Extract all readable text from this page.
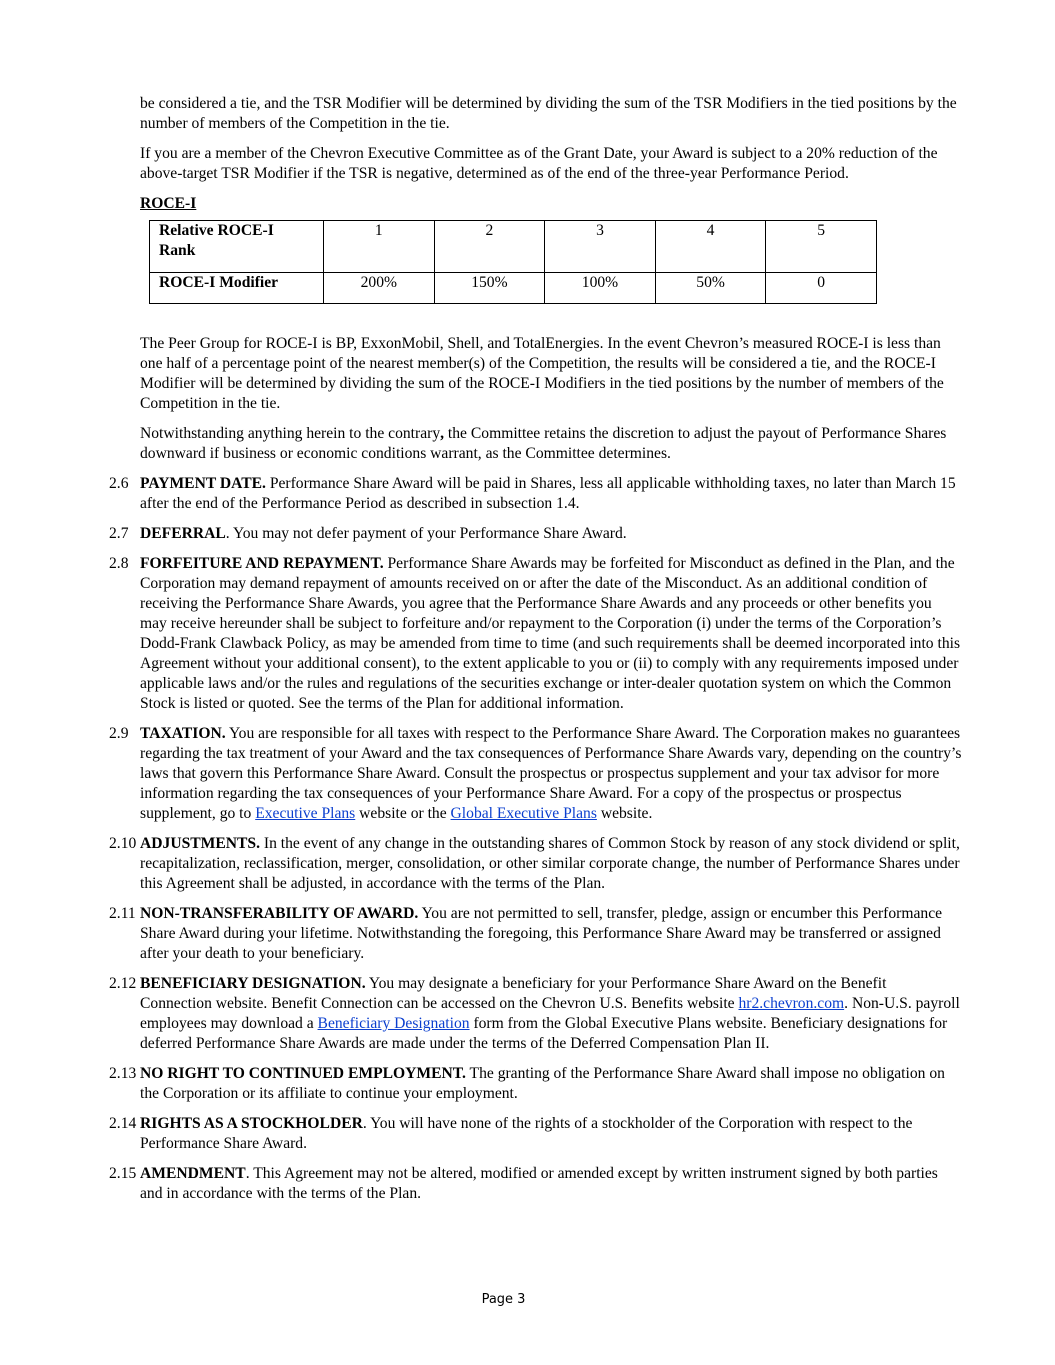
be considered a tie, and the TSR Modifier will be determined by dividing the sum of the TSR Modifiers in the tied positions by the number of members of the Competition in the tie.

If you are a member of the Chevron Executive Committee as of the Grant Date, your Award is subject to a 20% reduction of the above-target TSR Modifier if the TSR is negative, determined as of the end of the three-year Performance Period.

ROCE-I

Relative ROCE-I Rank	1	2	3	4	5
ROCE-I Modifier	200%	150%	100%	50%	0

The Peer Group for ROCE-I is BP, ExxonMobil, Shell, and TotalEnergies. In the event Chevron’s measured ROCE-I is less than one half of a percentage point of the nearest member(s) of the Competition, the results will be considered a tie, and the ROCE-I Modifier will be determined by dividing the sum of the ROCE-I Modifiers in the tied positions by the number of members of the Competition in the tie.

Notwithstanding anything herein to the contrary, the Committee retains the discretion to adjust the payout of Performance Shares downward if business or economic conditions warrant, as the Committee determines.

2.6 PAYMENT DATE. Performance Share Award will be paid in Shares, less all applicable withholding taxes, no later than March 15 after the end of the Performance Period as described in subsection 1.4.

2.7 DEFERRAL. You may not defer payment of your Performance Share Award.

2.8 FORFEITURE AND REPAYMENT. Performance Share Awards may be forfeited for Misconduct as defined in the Plan, and the Corporation may demand repayment of amounts received on or after the date of the Misconduct. As an additional condition of receiving the Performance Share Awards, you agree that the Performance Share Awards and any proceeds or other benefits you may receive hereunder shall be subject to forfeiture and/or repayment to the Corporation (i) under the terms of the Corporation’s Dodd-Frank Clawback Policy, as may be amended from time to time (and such requirements shall be deemed incorporated into this Agreement without your additional consent), to the extent applicable to you or (ii) to comply with any requirements imposed under applicable laws and/or the rules and regulations of the securities exchange or inter-dealer quotation system on which the Common Stock is listed or quoted. See the terms of the Plan for additional information.

2.9 TAXATION. You are responsible for all taxes with respect to the Performance Share Award. The Corporation makes no guarantees regarding the tax treatment of your Award and the tax consequences of Performance Share Awards vary, depending on the country’s laws that govern this Performance Share Award. Consult the prospectus or prospectus supplement and your tax advisor for more information regarding the tax consequences of your Performance Share Award. For a copy of the prospectus or prospectus supplement, go to Executive Plans website or the Global Executive Plans website.

2.10 ADJUSTMENTS. In the event of any change in the outstanding shares of Common Stock by reason of any stock dividend or split, recapitalization, reclassification, merger, consolidation, or other similar corporate change, the number of Performance Shares under this Agreement shall be adjusted, in accordance with the terms of the Plan.

2.11 NON-TRANSFERABILITY OF AWARD. You are not permitted to sell, transfer, pledge, assign or encumber this Performance Share Award during your lifetime. Notwithstanding the foregoing, this Performance Share Award may be transferred or assigned after your death to your beneficiary.

2.12 BENEFICIARY DESIGNATION. You may designate a beneficiary for your Performance Share Award on the Benefit Connection website. Benefit Connection can be accessed on the Chevron U.S. Benefits website hr2.chevron.com. Non-U.S. payroll employees may download a Beneficiary Designation form from the Global Executive Plans website. Beneficiary designations for deferred Performance Share Awards are made under the terms of the Deferred Compensation Plan II.

2.13 NO RIGHT TO CONTINUED EMPLOYMENT. The granting of the Performance Share Award shall impose no obligation on the Corporation or its affiliate to continue your employment.

2.14 RIGHTS AS A STOCKHOLDER. You will have none of the rights of a stockholder of the Corporation with respect to the Performance Share Award.

2.15 AMENDMENT. This Agreement may not be altered, modified or amended except by written instrument signed by both parties and in accordance with the terms of the Plan.

Page 3
